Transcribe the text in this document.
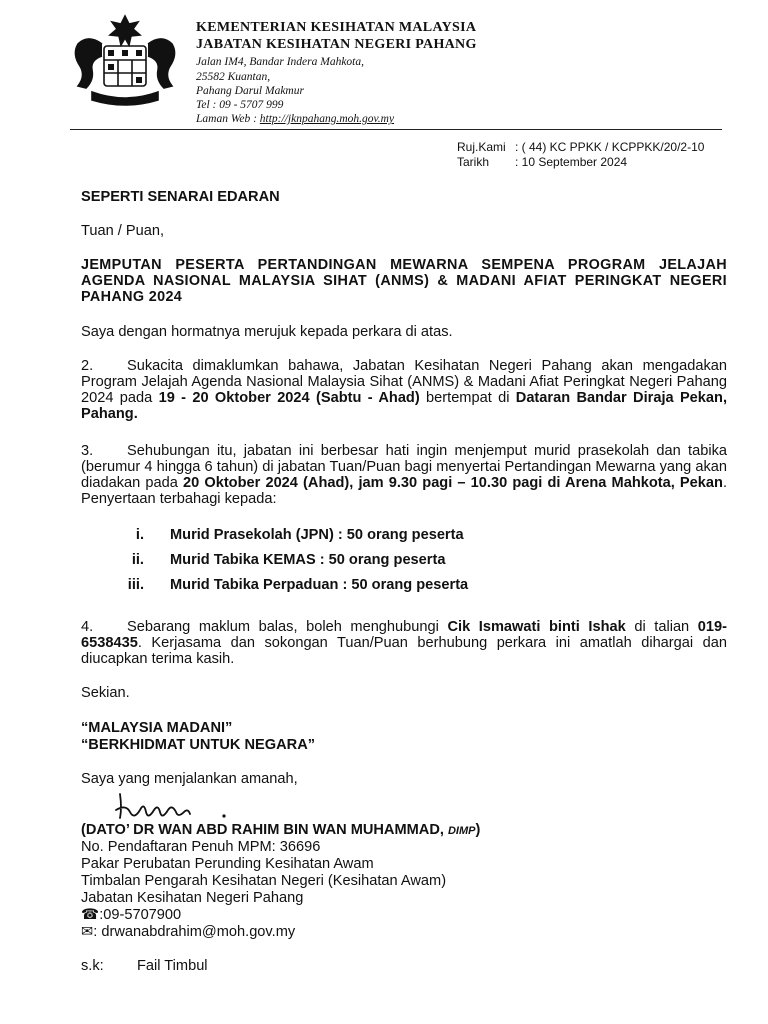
KEMENTERIAN KESIHATAN MALAYSIA
JABATAN KESIHATAN NEGERI PAHANG
Jalan IM4, Bandar Indera Mahkota,
25582 Kuantan,
Pahang Darul Makmur
Tel : 09 - 5707 999
Laman Web : http://jknpahang.moh.gov.my
Ruj.Kami : ( 44) KC PPKK / KCPPKK/20/2-10
Tarikh : 10 September 2024
SEPERTI SENARAI EDARAN
Tuan / Puan,
JEMPUTAN PESERTA PERTANDINGAN MEWARNA SEMPENA PROGRAM JELAJAH AGENDA NASIONAL MALAYSIA SIHAT (ANMS) & MADANI AFIAT PERINGKAT NEGERI PAHANG 2024
Saya dengan hormatnya merujuk kepada perkara di atas.
2. Sukacita dimaklumkan bahawa, Jabatan Kesihatan Negeri Pahang akan mengadakan Program Jelajah Agenda Nasional Malaysia Sihat (ANMS) & Madani Afiat Peringkat Negeri Pahang 2024 pada 19 - 20 Oktober 2024 (Sabtu - Ahad) bertempat di Dataran Bandar Diraja Pekan, Pahang.
3. Sehubungan itu, jabatan ini berbesar hati ingin menjemput murid prasekolah dan tabika (berumur 4 hingga 6 tahun) di jabatan Tuan/Puan bagi menyertai Pertandingan Mewarna yang akan diadakan pada 20 Oktober 2024 (Ahad), jam 9.30 pagi – 10.30 pagi di Arena Mahkota, Pekan. Penyertaan terbahagi kepada:
i. Murid Prasekolah (JPN) : 50 orang peserta
ii. Murid Tabika KEMAS : 50 orang peserta
iii. Murid Tabika Perpaduan : 50 orang peserta
4. Sebarang maklum balas, boleh menghubungi Cik Ismawati binti Ishak di talian 019-6538435. Kerjasama dan sokongan Tuan/Puan berhubung perkara ini amatlah dihargai dan diucapkan terima kasih.
Sekian.
“MALAYSIA MADANI”
“BERKHIDMAT UNTUK NEGARA”
Saya yang menjalankan amanah,
(DATO’ DR WAN ABD RAHIM BIN WAN MUHAMMAD, DIMP)
No. Pendaftaran Penuh MPM: 36696
Pakar Perubatan Perunding Kesihatan Awam
Timbalan Pengarah Kesihatan Negeri (Kesihatan Awam)
Jabatan Kesihatan Negeri Pahang
☎:09-5707900
✉: drwanabdrahim@moh.gov.my
s.k: Fail Timbul
